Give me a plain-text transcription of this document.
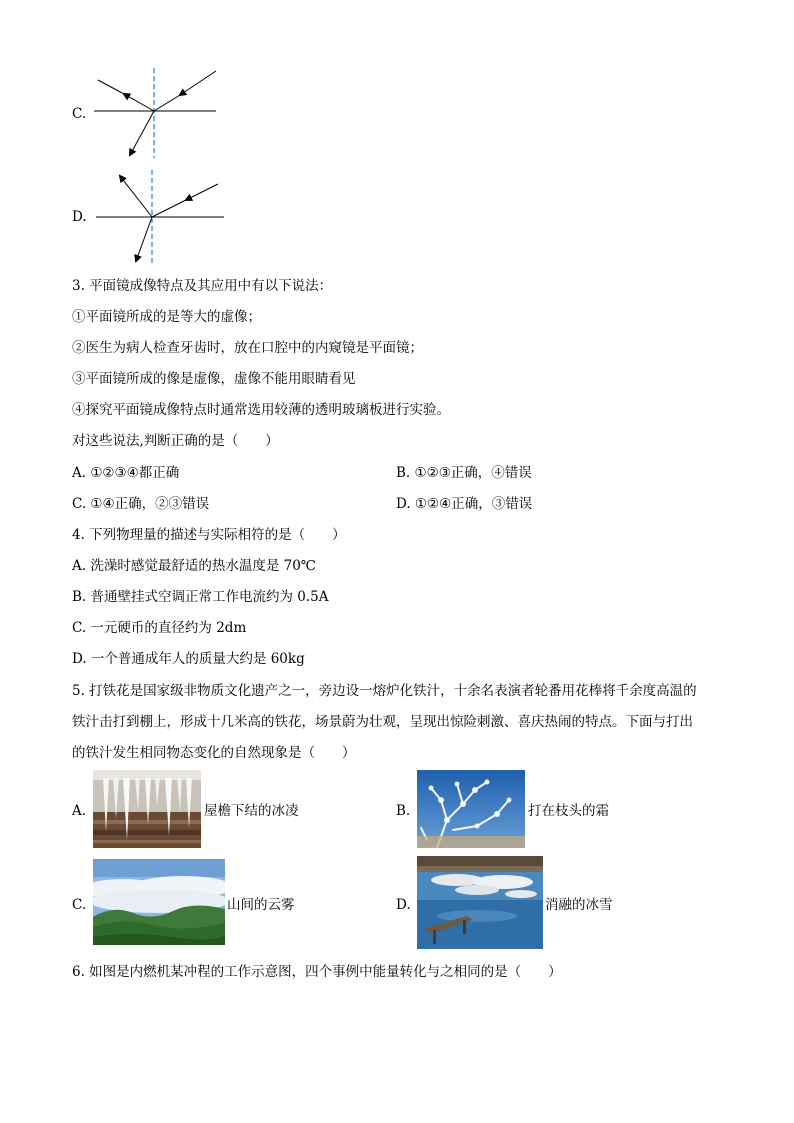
C.
D.
3. 平面镜成像特点及其应用中有以下说法：
①平面镜所成的是等大的虚像；
②医生为病人检查牙齿时，放在口腔中的内窥镜是平面镜；
③平面镜所成的像是虚像，虚像不能用眼睛看见
④探究平面镜成像特点时通常选用较薄的透明玻璃板进行实验。
对这些说法,判断正确的是（　　）
A. ①②③④都正确	B. ①②③正确，④错误
C. ①④正确，②③错误	D. ①②④正确，③错误
4. 下列物理量的描述与实际相符的是（　　）
A. 洗澡时感觉最舒适的热水温度是 70℃
B. 普通壁挂式空调正常工作电流约为 0.5A
C. 一元硬币的直径约为 2dm
D. 一个普通成年人的质量大约是 60kg
5. 打铁花是国家级非物质文化遗产之一，旁边设一熔炉化铁汁，十余名表演者轮番用花棒将千余度高温的
铁汁击打到棚上，形成十几米高的铁花，场景蔚为壮观，呈现出惊险刺激、喜庆热闹的特点。下面与打出
的铁汁发生相同物态变化的自然现象是（　　）
A.	屋檐下结的冰凌	B.	打在枝头的霜
C.	山间的云雾	D.	消融的冰雪
6. 如图是内燃机某冲程的工作示意图，四个事例中能量转化与之相同的是（　　）
